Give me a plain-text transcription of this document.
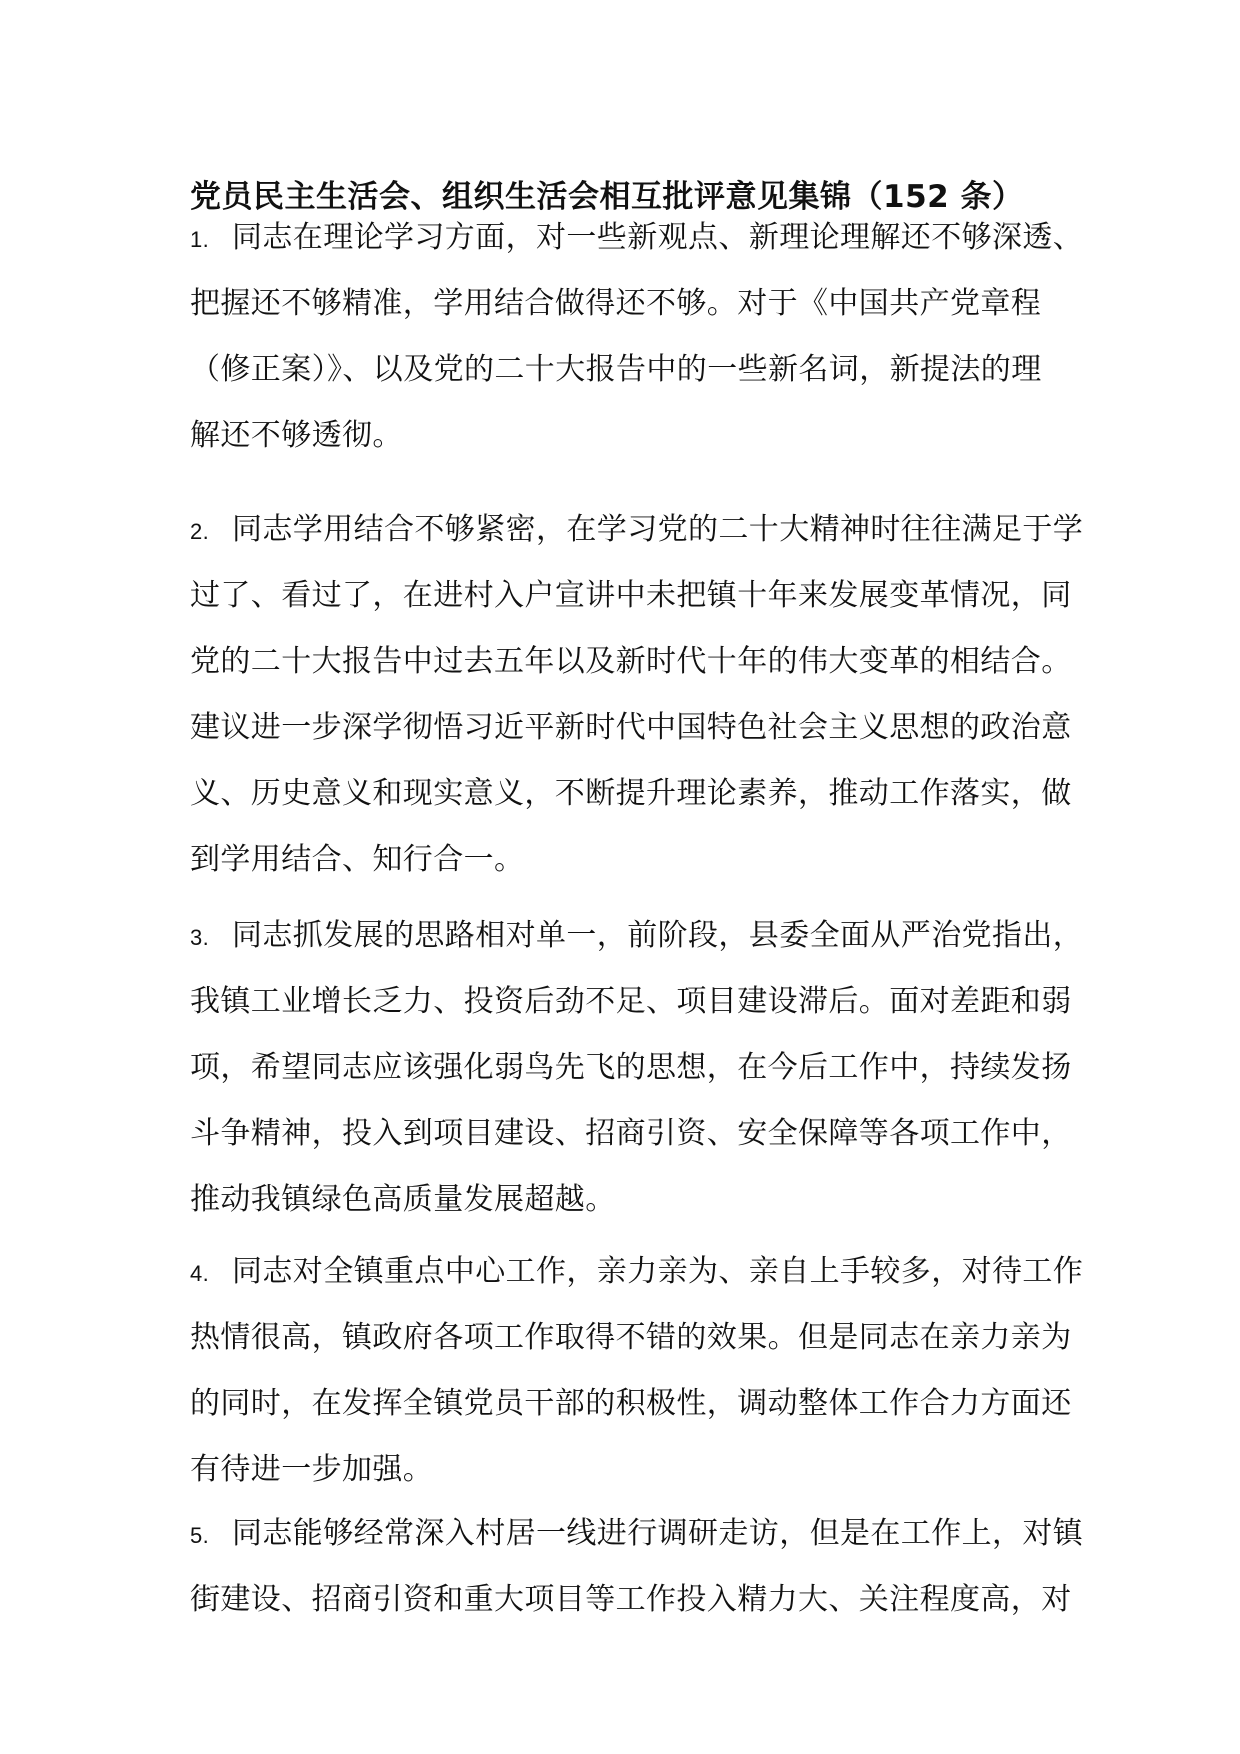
党员民主生活会、组织生活会相互批评意见集锦（152 条）
1. 同志在理论学习方面，对一些新观点、新理论理解还不够深透、
把握还不够精准，学用结合做得还不够。对于《中国共产党章程
（修正案）》、以及党的二十大报告中的一些新名词，新提法的理
解还不够透彻。
2. 同志学用结合不够紧密，在学习党的二十大精神时往往满足于学
过了、看过了，在进村入户宣讲中未把镇十年来发展变革情况，同
党的二十大报告中过去五年以及新时代十年的伟大变革的相结合。
建议进一步深学彻悟习近平新时代中国特色社会主义思想的政治意
义、历史意义和现实意义，不断提升理论素养，推动工作落实，做
到学用结合、知行合一。
3. 同志抓发展的思路相对单一，前阶段，县委全面从严治党指出，
我镇工业增长乏力、投资后劲不足、项目建设滞后。面对差距和弱
项，希望同志应该强化弱鸟先飞的思想，在今后工作中，持续发扬
斗争精神，投入到项目建设、招商引资、安全保障等各项工作中，
推动我镇绿色高质量发展超越。
4. 同志对全镇重点中心工作，亲力亲为、亲自上手较多，对待工作
热情很高，镇政府各项工作取得不错的效果。但是同志在亲力亲为
的同时，在发挥全镇党员干部的积极性，调动整体工作合力方面还
有待进一步加强。
5. 同志能够经常深入村居一线进行调研走访，但是在工作上，对镇
街建设、招商引资和重大项目等工作投入精力大、关注程度高，对
